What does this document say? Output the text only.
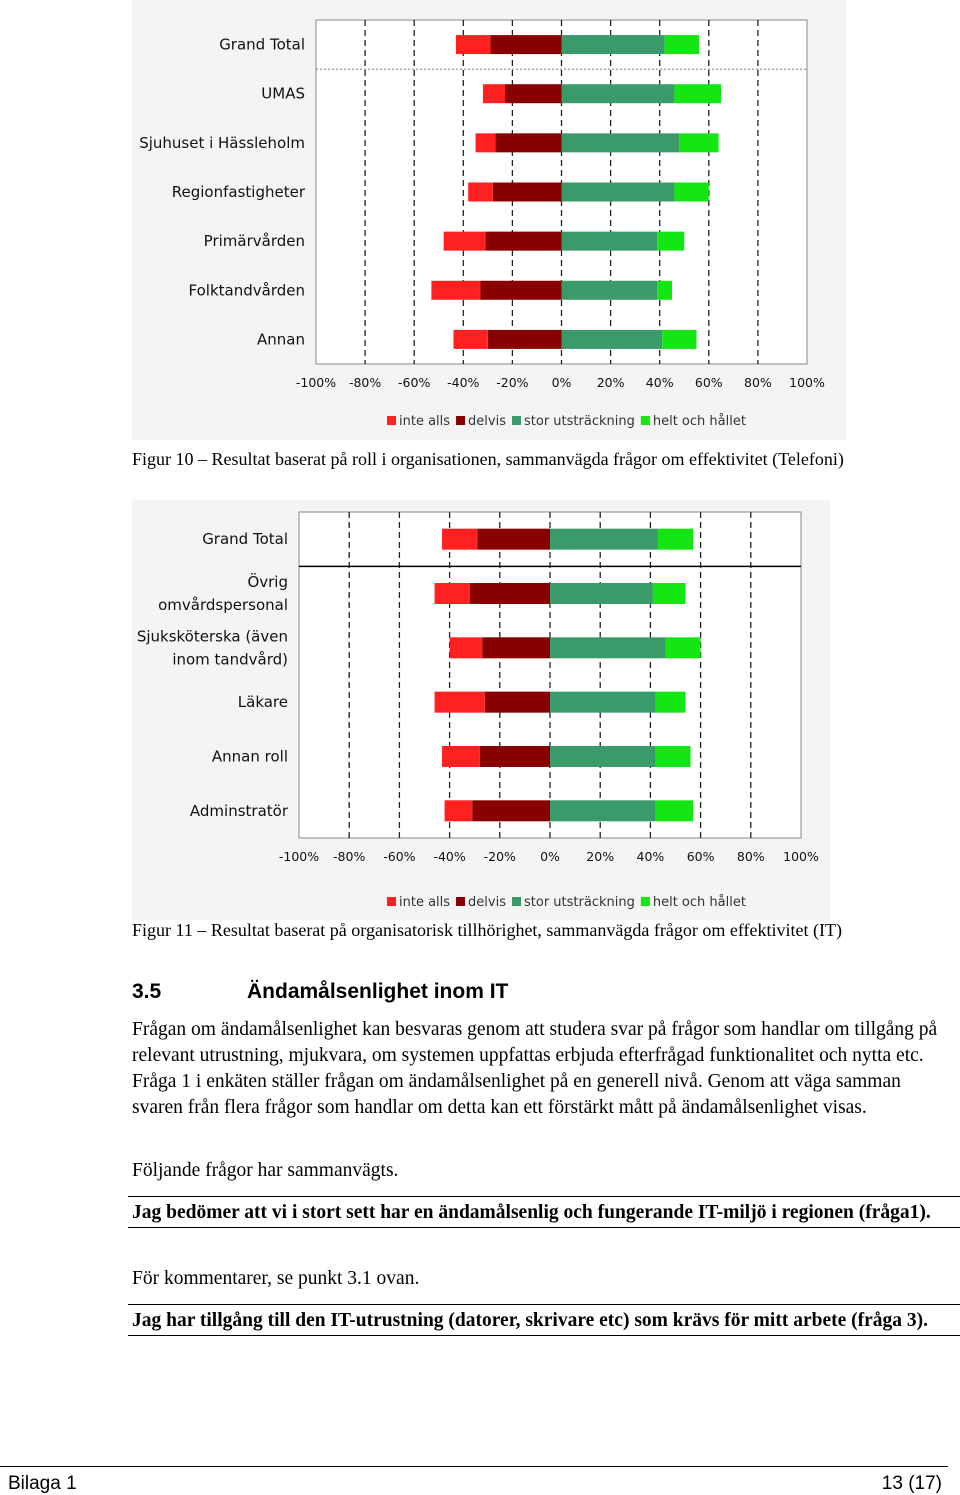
Grand Total
UMAS
Sjuhuset i Hässleholm
Regionfastigheter
Primärvården
Folktandvården
Annan
-100% -80% -60% -40% -20% 0% 20% 40% 60% 80% 100%
inte alls delvis stor utsträckning helt och hållet
Figur 10 – Resultat baserat på roll i organisationen, sammanvägda frågor om effektivitet (Telefoni)
Grand Total
Övrig
omvårdspersonal
Sjuksköterska (även
inom tandvård)
Läkare
Annan roll
Adminstratör
-100% -80% -60% -40% -20% 0% 20% 40% 60% 80% 100%
inte alls delvis stor utsträckning helt och hållet
Figur 11 – Resultat baserat på organisatorisk tillhörighet, sammanvägda frågor om effektivitet (IT)
3.5	Ändamålsenlighet inom IT
Frågan om ändamålsenlighet kan besvaras genom att studera svar på frågor som handlar om tillgång på relevant utrustning, mjukvara, om systemen uppfattas erbjuda efterfrågad funktionalitet och nytta etc. Fråga 1 i enkäten ställer frågan om ändamålsenlighet på en generell nivå. Genom att väga samman svaren från flera frågor som handlar om detta kan ett förstärkt mått på ändamålsenlighet visas.
Följande frågor har sammanvägts.
Jag bedömer att vi i stort sett har en ändamålsenlig och fungerande IT-miljö i regionen (fråga1).
För kommentarer, se punkt 3.1 ovan.
Jag har tillgång till den IT-utrustning (datorer, skrivare etc) som krävs för mitt arbete (fråga 3).
Bilaga 1	13 (17)
